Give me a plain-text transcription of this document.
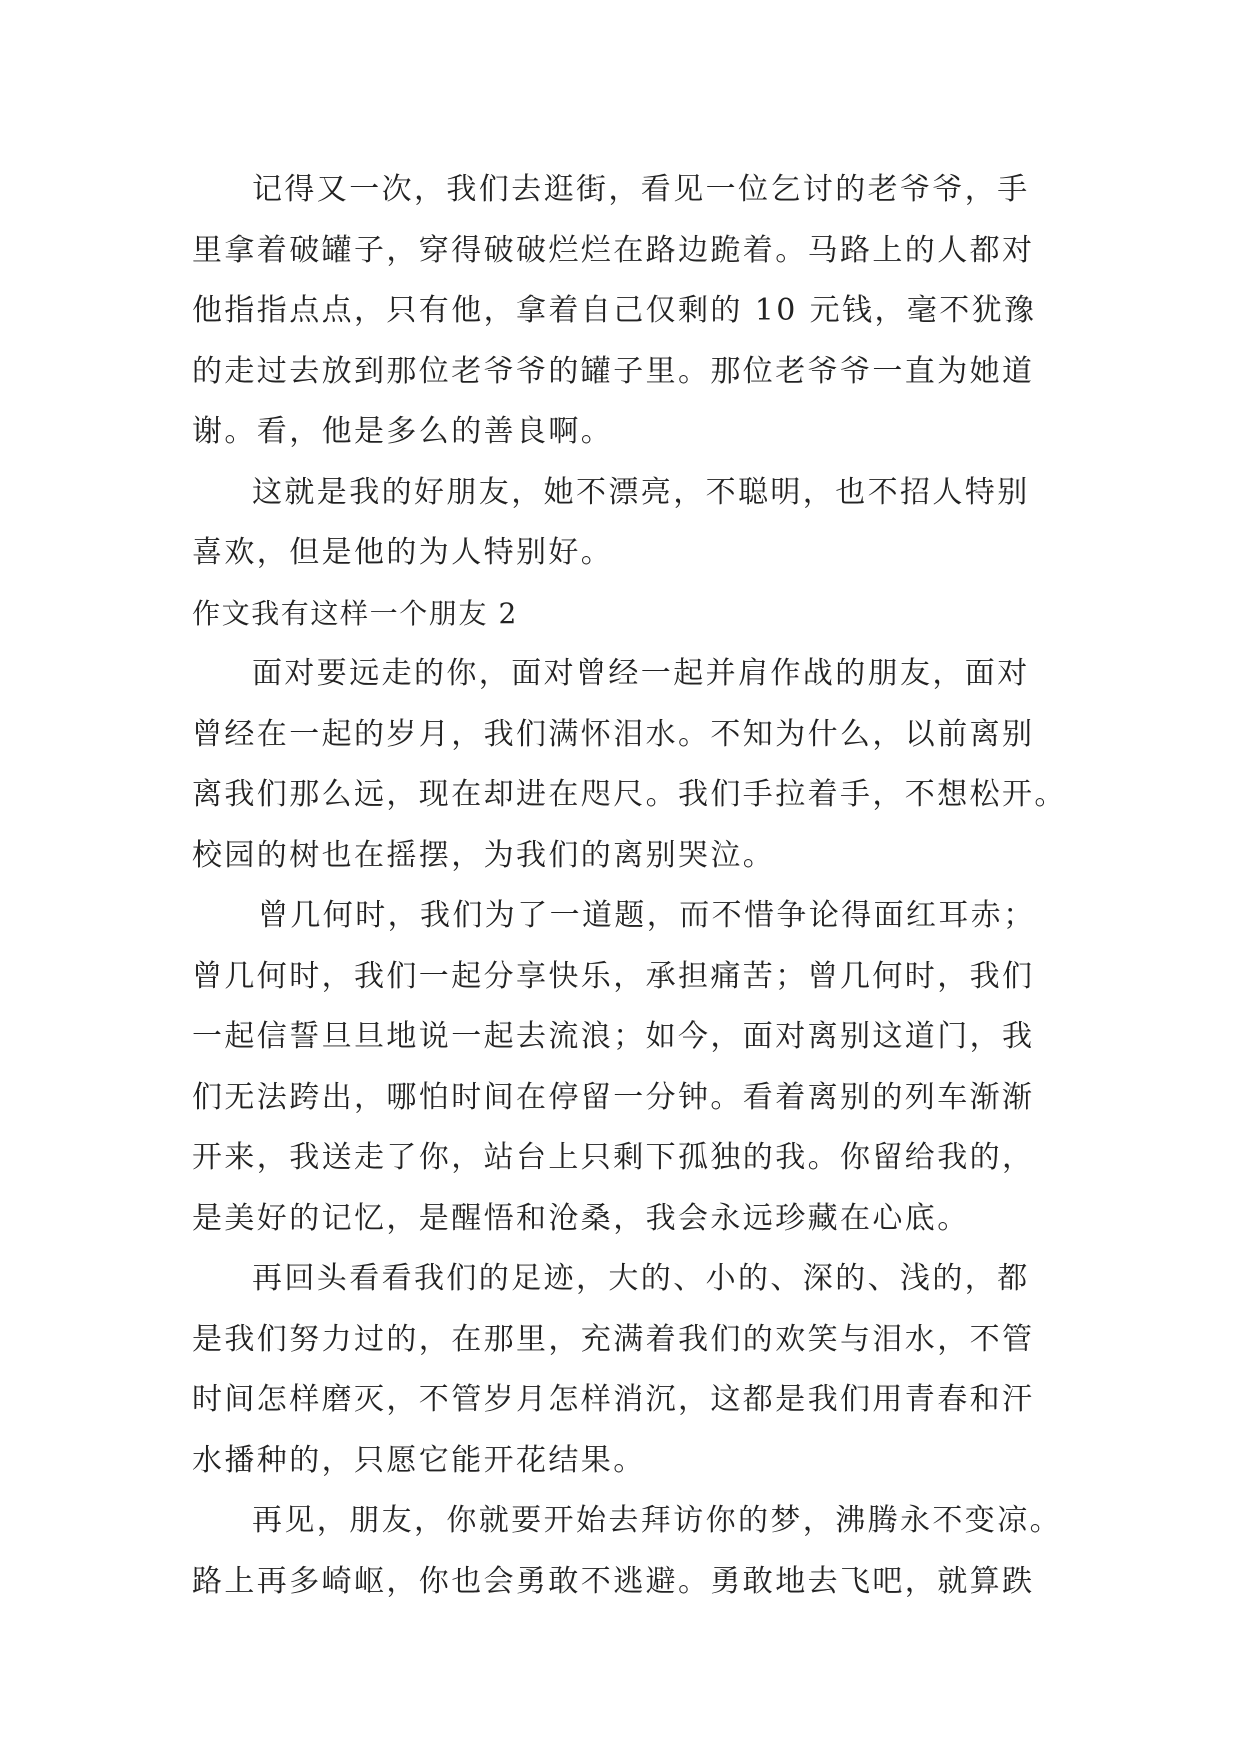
记得又一次，我们去逛街，看见一位乞讨的老爷爷，手
里拿着破罐子，穿得破破烂烂在路边跪着。马路上的人都对
他指指点点，只有他，拿着自己仅剩的 10 元钱，毫不犹豫
的走过去放到那位老爷爷的罐子里。那位老爷爷一直为她道
谢。看，他是多么的善良啊。
这就是我的好朋友，她不漂亮，不聪明，也不招人特别
喜欢，但是他的为人特别好。
作文我有这样一个朋友 2
面对要远走的你，面对曾经一起并肩作战的朋友，面对
曾经在一起的岁月，我们满怀泪水。不知为什么，以前离别
离我们那么远，现在却进在咫尺。我们手拉着手，不想松开。
校园的树也在摇摆，为我们的离别哭泣。
曾几何时，我们为了一道题，而不惜争论得面红耳赤；
曾几何时，我们一起分享快乐，承担痛苦；曾几何时，我们
一起信誓旦旦地说一起去流浪；如今，面对离别这道门，我
们无法跨出，哪怕时间在停留一分钟。看着离别的列车渐渐
开来，我送走了你，站台上只剩下孤独的我。你留给我的，
是美好的记忆，是醒悟和沧桑，我会永远珍藏在心底。
再回头看看我们的足迹，大的、小的、深的、浅的，都
是我们努力过的，在那里，充满着我们的欢笑与泪水，不管
时间怎样磨灭，不管岁月怎样消沉，这都是我们用青春和汗
水播种的，只愿它能开花结果。
再见，朋友，你就要开始去拜访你的梦，沸腾永不变凉。
路上再多崎岖，你也会勇敢不逃避。勇敢地去飞吧，就算跌
